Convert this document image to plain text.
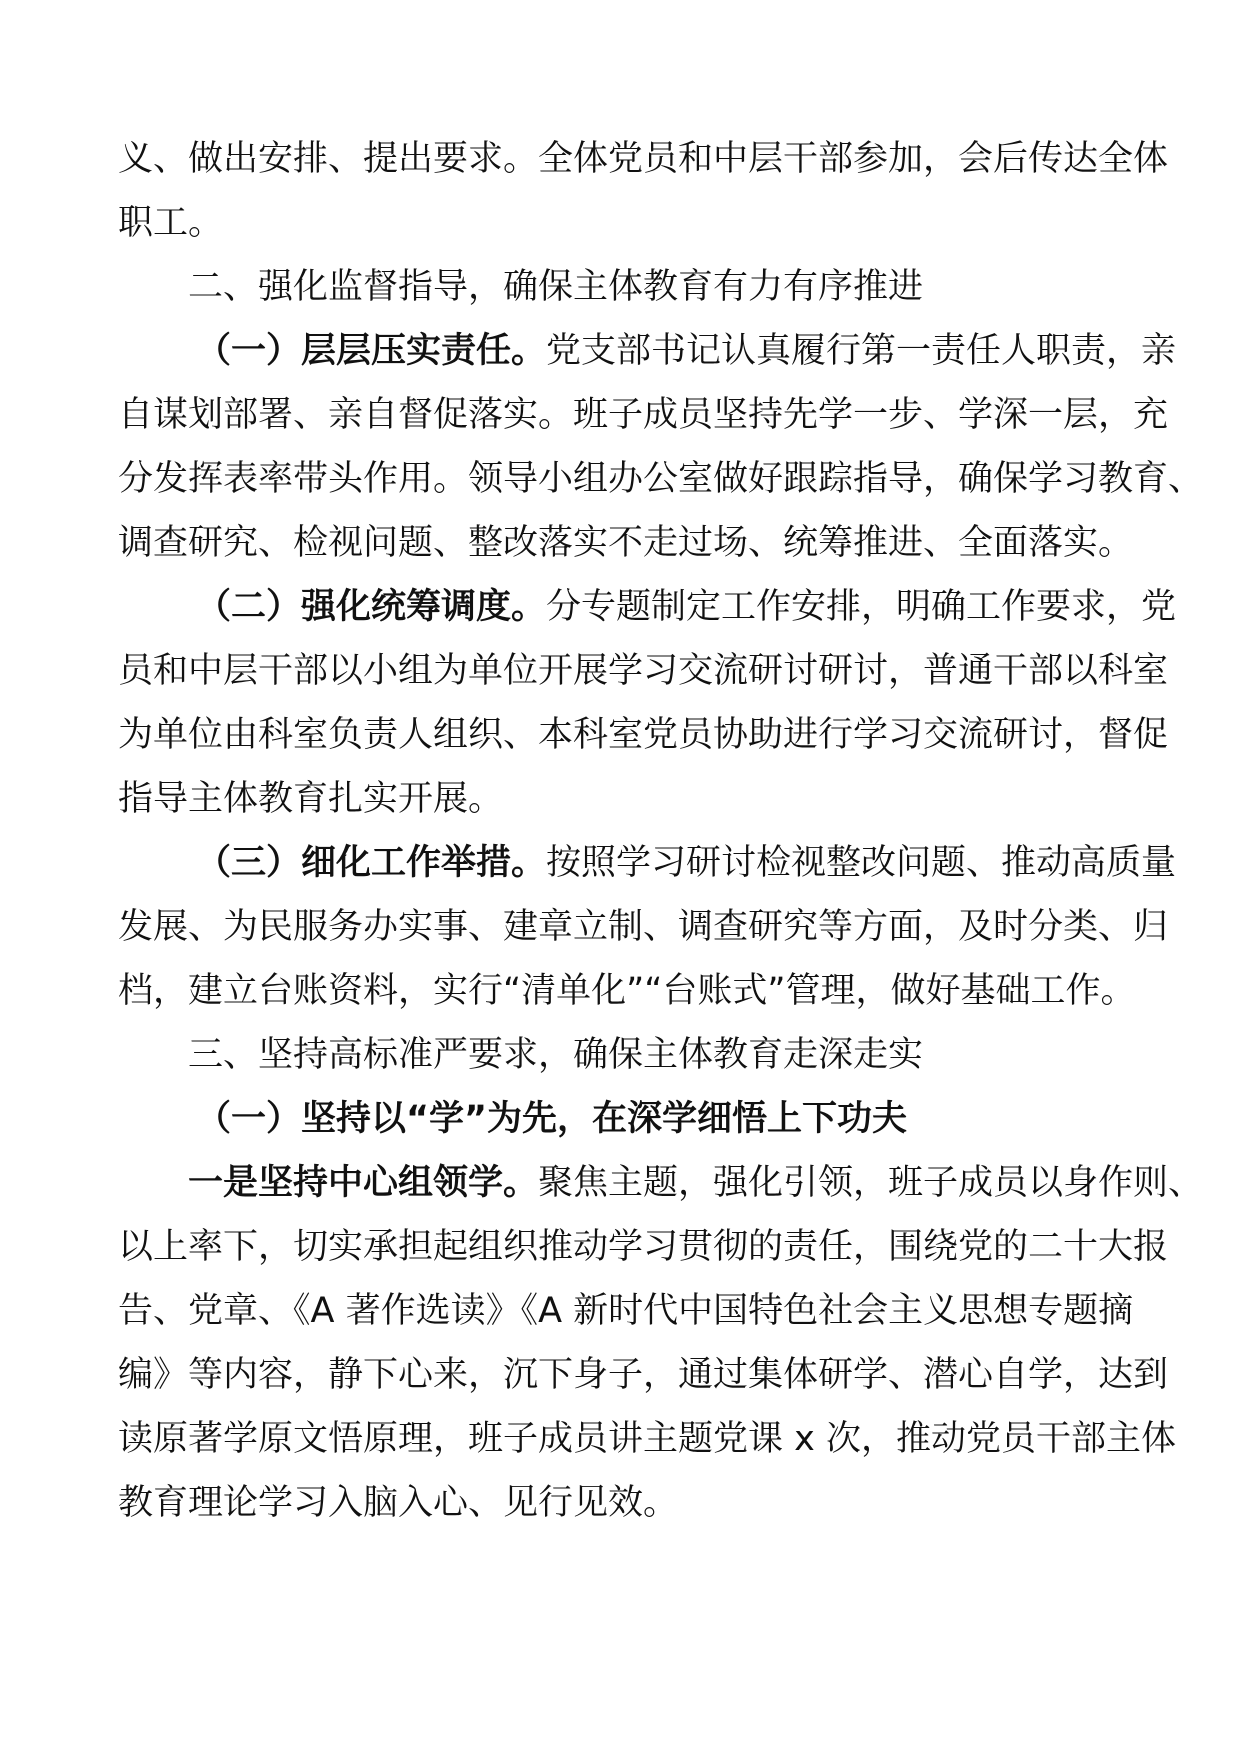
义、做出安排、提出要求。全体党员和中层干部参加，会后传达全体
职工。
二、强化监督指导，确保主体教育有力有序推进
（一）层层压实责任。党支部书记认真履行第一责任人职责，亲
自谋划部署、亲自督促落实。班子成员坚持先学一步、学深一层，充
分发挥表率带头作用。领导小组办公室做好跟踪指导，确保学习教育、
调查研究、检视问题、整改落实不走过场、统筹推进、全面落实。
（二）强化统筹调度。分专题制定工作安排，明确工作要求，党
员和中层干部以小组为单位开展学习交流研讨研讨，普通干部以科室
为单位由科室负责人组织、本科室党员协助进行学习交流研讨，督促
指导主体教育扎实开展。
（三）细化工作举措。按照学习研讨检视整改问题、推动高质量
发展、为民服务办实事、建章立制、调查研究等方面，及时分类、归
档，建立台账资料，实行“清单化”“台账式”管理，做好基础工作。
三、坚持高标准严要求，确保主体教育走深走实
（一）坚持以“学”为先，在深学细悟上下功夫
一是坚持中心组领学。聚焦主题，强化引领，班子成员以身作则、
以上率下，切实承担起组织推动学习贯彻的责任，围绕党的二十大报
告、党章、《A 著作选读》《A 新时代中国特色社会主义思想专题摘
编》等内容，静下心来，沉下身子，通过集体研学、潜心自学，达到
读原著学原文悟原理，班子成员讲主题党课 x 次，推动党员干部主体
教育理论学习入脑入心、见行见效。
